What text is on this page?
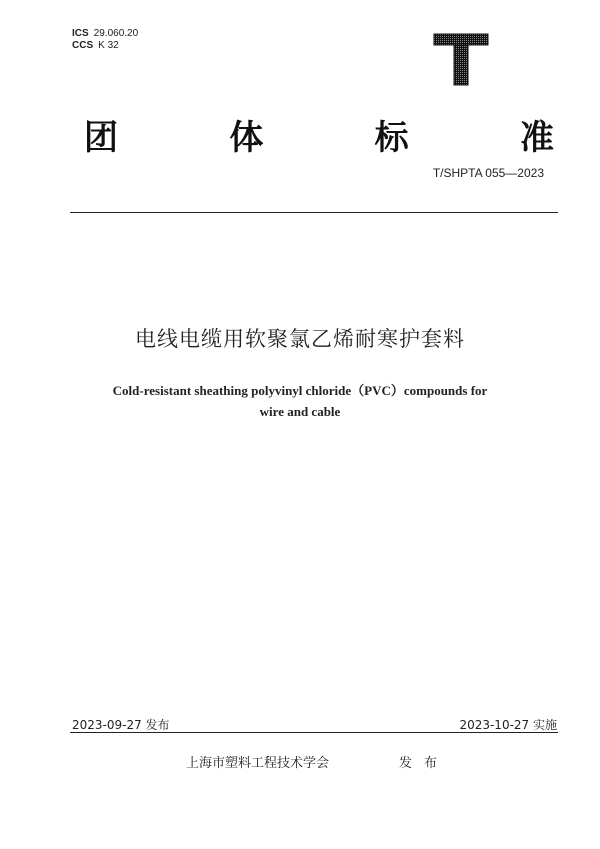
ICS 29.060.20
CCS K 32
团	体	标	准
T/SHPTA 055—2023
电线电缆用软聚氯乙烯耐寒护套料
Cold-resistant sheathing polyvinyl chloride（PVC）compounds for
wire and cable
2023-09-27 发布	2023-10-27 实施
上海市塑料工程技术学会	发布
